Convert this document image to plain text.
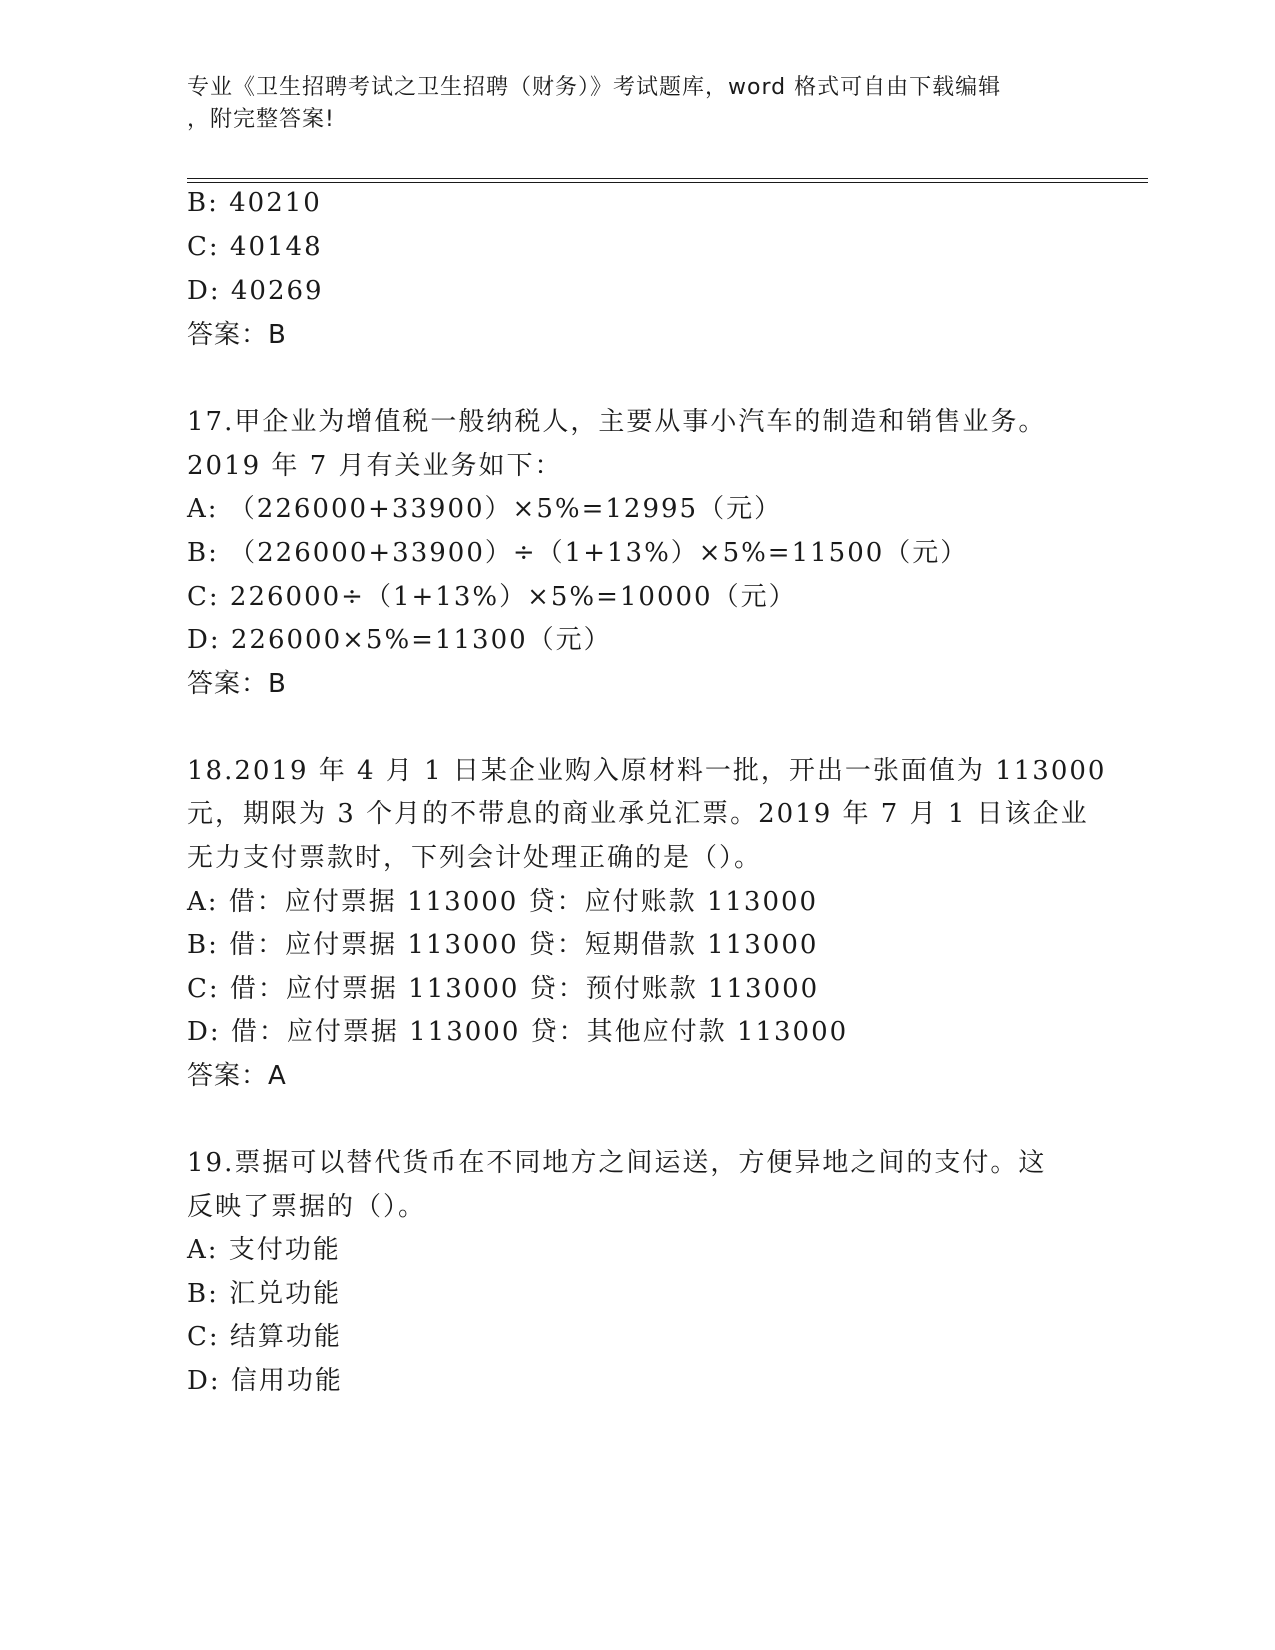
专业《卫生招聘考试之卫生招聘（财务）》考试题库，word 格式可自由下载编辑
，附完整答案!
B: 40210
C: 40148
D: 40269
答案：B
17.甲企业为增值税一般纳税人，主要从事小汽车的制造和销售业务。
2019 年 7 月有关业务如下：
A: （226000+33900）×5%=12995（元）
B: （226000+33900）÷（1+13%）×5%=11500（元）
C: 226000÷（1+13%）×5%=10000（元）
D: 226000×5%=11300（元）
答案：B
18.2019 年 4 月 1 日某企业购入原材料一批，开出一张面值为 113000
元，期限为 3 个月的不带息的商业承兑汇票。2019 年 7 月 1 日该企业
无力支付票款时，下列会计处理正确的是（）。
A: 借：应付票据 113000 贷：应付账款 113000
B: 借：应付票据 113000 贷：短期借款 113000
C: 借：应付票据 113000 贷：预付账款 113000
D: 借：应付票据 113000 贷：其他应付款 113000
答案：A
19.票据可以替代货币在不同地方之间运送，方便异地之间的支付。这
反映了票据的（）。
A: 支付功能
B: 汇兑功能
C: 结算功能
D: 信用功能
